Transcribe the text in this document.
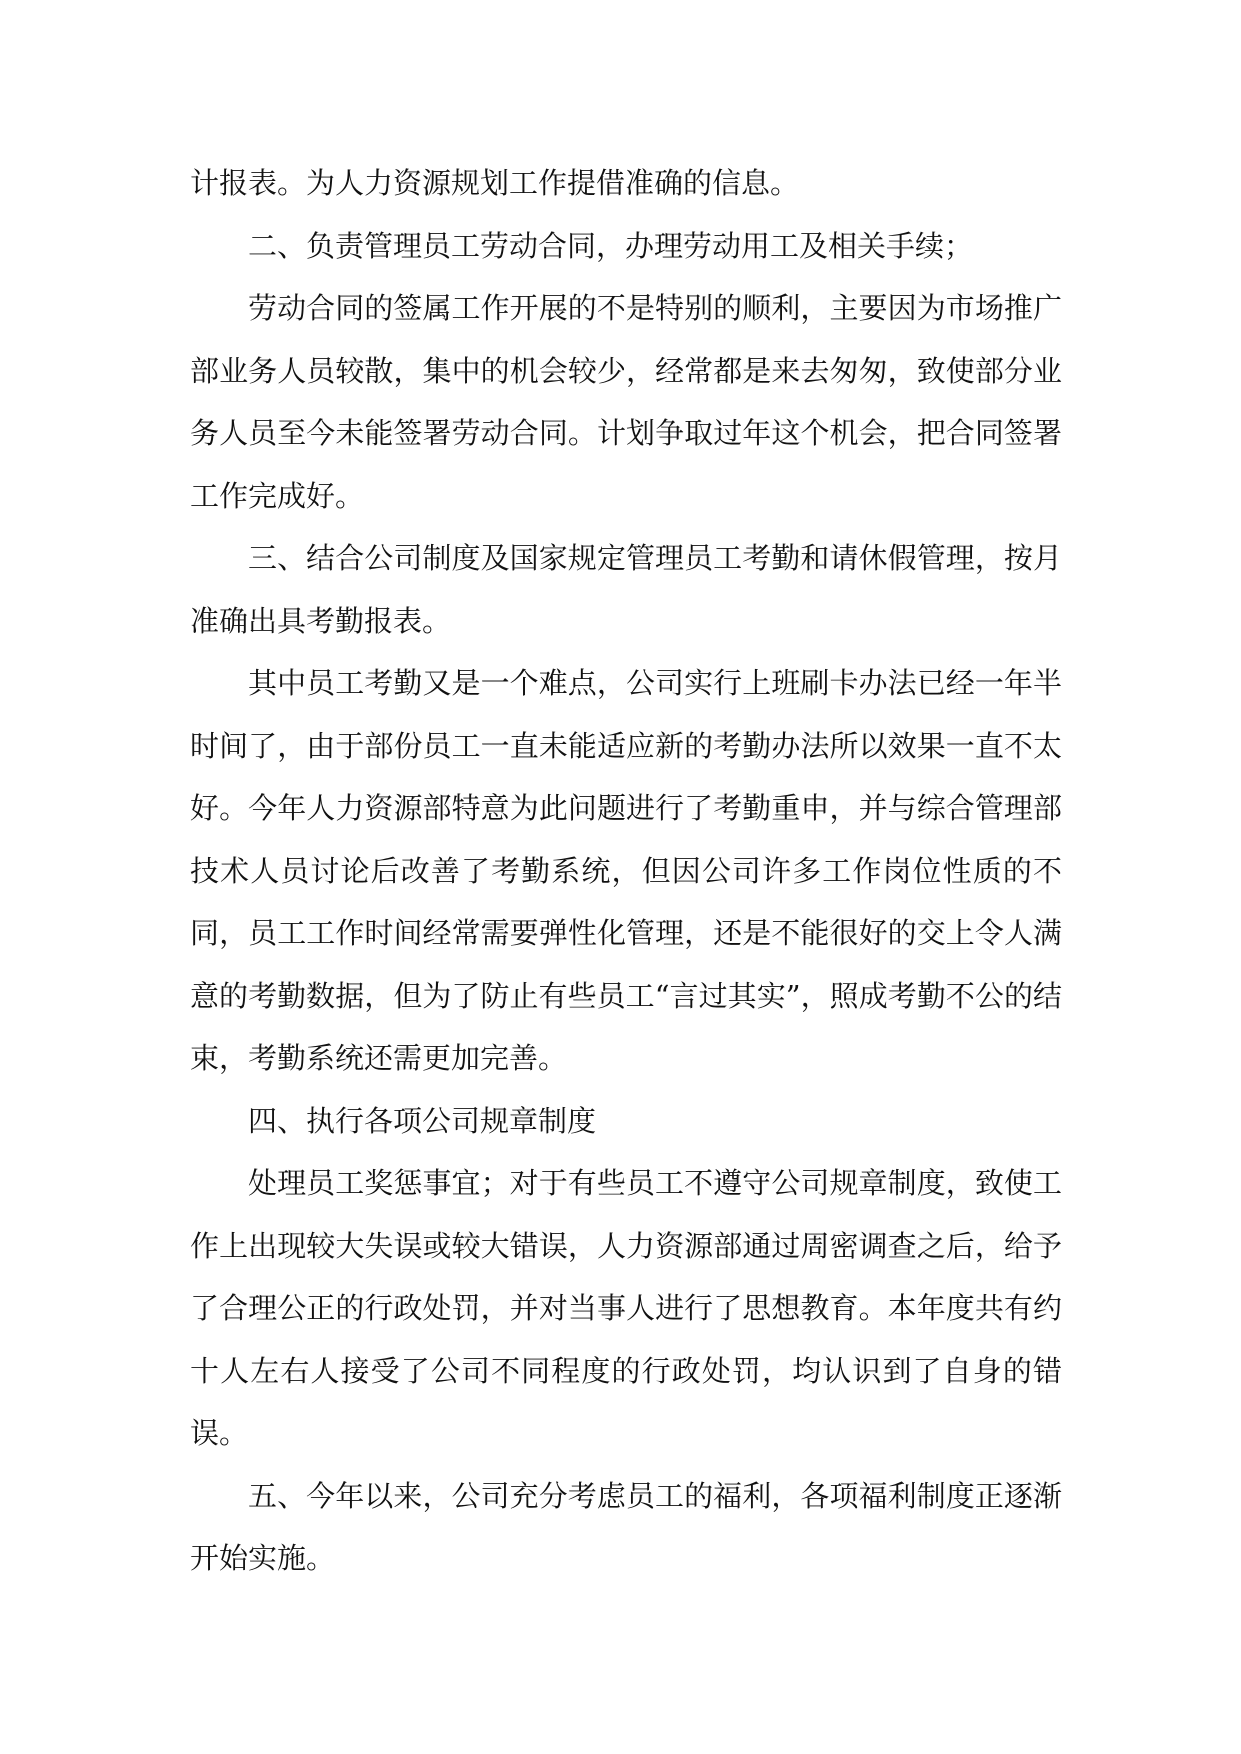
计报表。为人力资源规划工作提借准确的信息。

二、负责管理员工劳动合同，办理劳动用工及相关手续；

劳动合同的签属工作开展的不是特别的顺利，主要因为市场推广部业务人员较散，集中的机会较少，经常都是来去匆匆，致使部分业务人员至今未能签署劳动合同。计划争取过年这个机会，把合同签署工作完成好。

三、结合公司制度及国家规定管理员工考勤和请休假管理，按月准确出具考勤报表。

其中员工考勤又是一个难点，公司实行上班刷卡办法已经一年半时间了，由于部份员工一直未能适应新的考勤办法所以效果一直不太好。今年人力资源部特意为此问题进行了考勤重申，并与综合管理部技术人员讨论后改善了考勤系统，但因公司许多工作岗位性质的不同，员工工作时间经常需要弹性化管理，还是不能很好的交上令人满意的考勤数据，但为了防止有些员工“言过其实”，照成考勤不公的结束，考勤系统还需更加完善。

四、执行各项公司规章制度

处理员工奖惩事宜；对于有些员工不遵守公司规章制度，致使工作上出现较大失误或较大错误，人力资源部通过周密调查之后，给予了合理公正的行政处罚，并对当事人进行了思想教育。本年度共有约十人左右人接受了公司不同程度的行政处罚，均认识到了自身的错误。

五、今年以来，公司充分考虑员工的福利，各项福利制度正逐渐开始实施。
